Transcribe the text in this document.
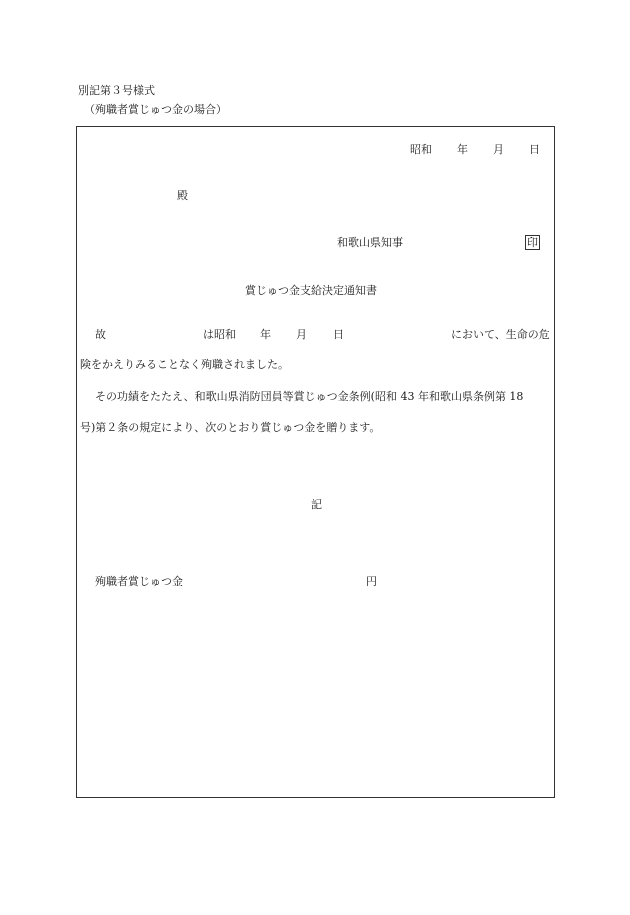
別記第３号様式
（殉職者賞じゅつ金の場合）
昭和 年 月 日
殿
和歌山県知事	印
賞じゅつ金支給決定通知書
故	は昭和 年 月 日	において、生命の危
険をかえりみることなく殉職されました。
その功績をたたえ、和歌山県消防団員等賞じゅつ金条例(昭和 43 年和歌山県条例第 18
号)第２条の規定により、次のとおり賞じゅつ金を贈ります。
記
殉職者賞じゅつ金	円
